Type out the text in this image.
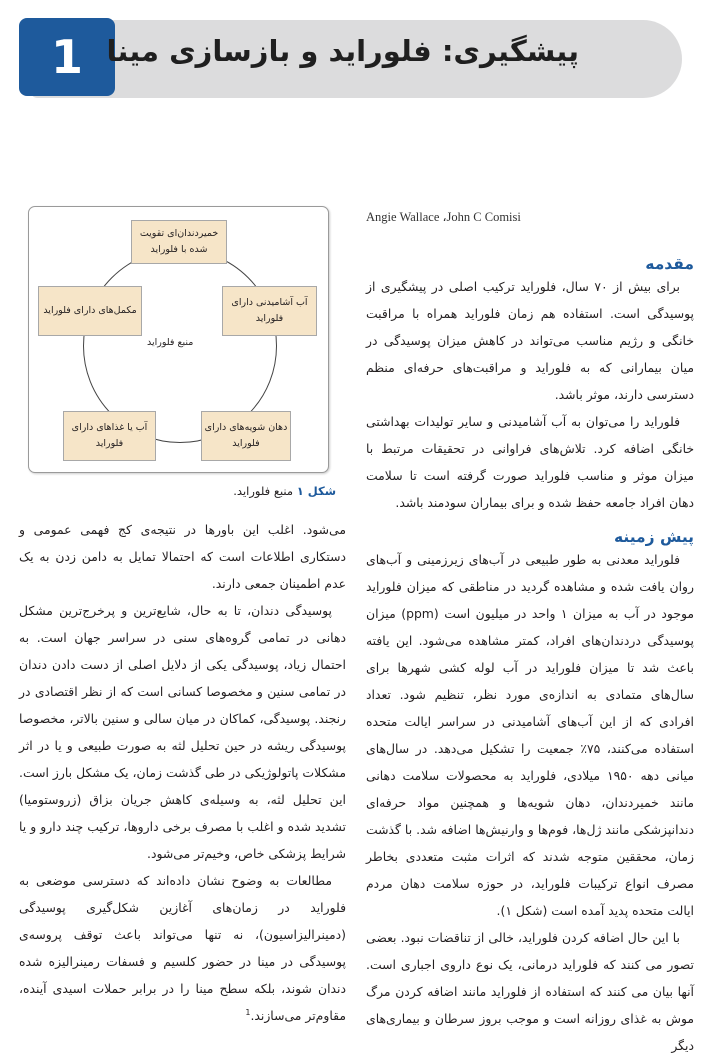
1 پیشگیری: فلوراید و بازسازی مینا
Angie Wallace ،John C Comisi
مقدمه

برای بیش از ۷۰ سال، فلوراید ترکیب اصلی در پیشگیری از پوسیدگی است. استفاده هم زمان فلوراید همراه با مراقبت خانگی و رژیم مناسب می‌تواند در کاهش میزان پوسیدگی در میان بیمارانی که به فلوراید و مراقبت‌های حرفه‌ای منظم دسترسی دارند، موثر باشد.

فلوراید را می‌توان به آب آشامیدنی و سایر تولیدات بهداشتی خانگی اضافه کرد. تلاش‌های فراوانی در تحقیقات مرتبط با میزان موثر و مناسب فلوراید صورت گرفته است تا سلامت دهان افراد جامعه حفظ شده و برای بیماران سودمند باشد.

پیش زمینه

فلوراید معدنی به طور طبیعی در آب‌های زیرزمینی و آب‌های روان یافت شده و مشاهده گردید در مناطقی که میزان فلوراید موجود در آب به میزان ۱ واحد در میلیون است (ppm) میزان پوسیدگی دردندان‌های افراد، کمتر مشاهده می‌شود. این یافته باعث شد تا میزان فلوراید در آب لوله کشی شهرها برای سال‌های متمادی به اندازه‌ی مورد نظر، تنظیم شود. تعداد افرادی که از این آب‌های آشامیدنی در سراسر ایالت متحده استفاده می‌کنند، ۷۵٪ جمعیت را تشکیل می‌دهد. در سال‌های میانی دهه ۱۹۵۰ میلادی، فلوراید به محصولات سلامت دهانی مانند خمیردندان، دهان شویه‌ها و همچنین مواد حرفه‌ای دندانپزشکی مانند ژل‌ها، فوم‌ها و وارنیش‌ها اضافه شد. با گذشت زمان، محققین متوجه شدند که اثرات مثبت متعددی بخاطر مصرف انواع ترکیبات فلوراید، در حوزه سلامت دهان مردم ایالت متحده پدید آمده است (شکل ۱).

با این حال اضافه کردن فلوراید، خالی از تناقضات نبود. بعضی تصور می کنند که فلوراید درمانی، یک نوع داروی اجباری است. آنها بیان می کنند که استفاده از فلوراید مانند اضافه کردن مرگ موش به غذای روزانه است و موجب بروز سرطان و بیماری‌های دیگر

خمیردندان‌ای تقویت شده با فلوراید
آب آشامیدنی دارای فلوراید
دهان شویه‌های دارای فلوراید
آب یا غذاهای دارای فلوراید
مکمل‌های دارای فلوراید
منبع فلوراید
شکل ۱ منبع فلوراید.

می‌شود. اغلب این باورها در نتیجه‌ی کج فهمی عمومی و دستکاری اطلاعات است که احتمالا تمایل به دامن زدن به یک عدم اطمینان جمعی دارند.

پوسیدگی دندان، تا به حال، شایع‌ترین و پرخرج‌ترین مشکل دهانی در تمامی گروه‌های سنی در سراسر جهان است. به احتمال زیاد، پوسیدگی یکی از دلایل اصلی از دست دادن دندان در تمامی سنین و مخصوصا کسانی است که از نظر اقتصادی در رنجند. پوسیدگی، کماکان در میان سالی و سنین بالاتر، مخصوصا پوسیدگی ریشه در حین تحلیل لثه به صورت طبیعی و یا در اثر مشکلات پاتولوژیکی در طی گذشت زمان، یک مشکل بارز است. این تحلیل لثه، به وسیله‌ی کاهش جریان بزاق (زروستومیا) تشدید شده و اغلب با مصرف برخی داروها، ترکیب چند دارو و یا شرایط پزشکی خاص، وخیم‌تر می‌شود.

مطالعات به وضوح نشان داده‌اند که دسترسی موضعی به فلوراید در زمان‌های آغازین شکل‌گیری پوسیدگی (دمینرالیزاسیون)، نه تنها می‌تواند باعث توقف پروسه‌ی پوسیدگی در مینا در حضور کلسیم و فسفات رمینرالیزه شده دندان شوند، بلکه سطح مینا را در برابر حملات اسیدی آینده، مقاوم‌تر می‌سازند.$^1$
